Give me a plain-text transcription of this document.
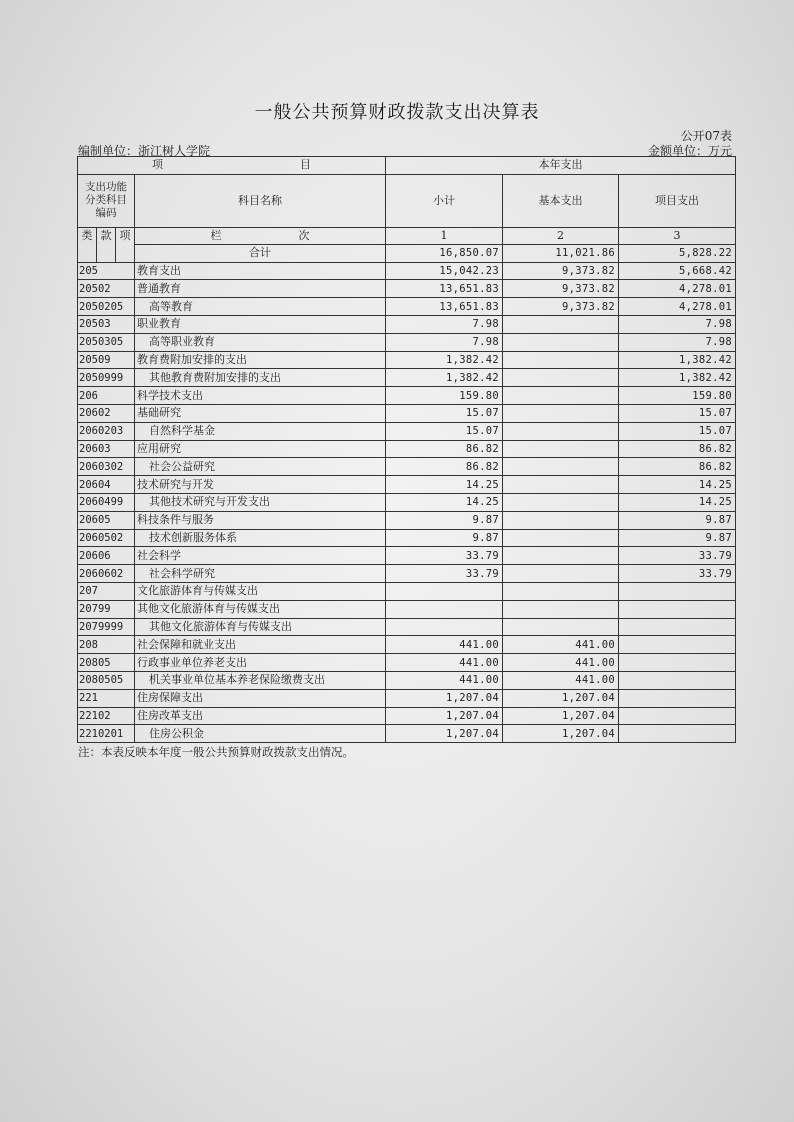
一般公共预算财政拨款支出决算表
公开07表
编制单位：浙江树人学院	金额单位：万元
项 目		本年支出		
支出功能分类科目编码	科目名称	小计	基本支出	项目支出

类 款 项	栏 次	1	2	3
	合计	16,850.07	11,021.86	5,828.22
205	教育支出	15,042.23	9,373.82	5,668.42
20502	普通教育	13,651.83	9,373.82	4,278.01
2050205	高等教育	13,651.83	9,373.82	4,278.01
20503	职业教育	7.98		7.98
2050305	高等职业教育	7.98		7.98
20509	教育费附加安排的支出	1,382.42		1,382.42
2050999	其他教育费附加安排的支出	1,382.42		1,382.42
206	科学技术支出	159.80		159.80
20602	基础研究	15.07		15.07
2060203	自然科学基金	15.07		15.07
20603	应用研究	86.82		86.82
2060302	社会公益研究	86.82		86.82
20604	技术研究与开发	14.25		14.25
2060499	其他技术研究与开发支出	14.25		14.25
20605	科技条件与服务	9.87		9.87
2060502	技术创新服务体系	9.87		9.87
20606	社会科学	33.79		33.79
2060602	社会科学研究	33.79		33.79
207	文化旅游体育与传媒支出			
20799	其他文化旅游体育与传媒支出			
2079999	其他文化旅游体育与传媒支出			
208	社会保障和就业支出	441.00	441.00	
20805	行政事业单位养老支出	441.00	441.00	
2080505	机关事业单位基本养老保险缴费支出	441.00	441.00	
221	住房保障支出	1,207.04	1,207.04	
22102	住房改革支出	1,207.04	1,207.04	
2210201	住房公积金	1,207.04	1,207.04	
注：本表反映本年度一般公共预算财政拨款支出情况。
